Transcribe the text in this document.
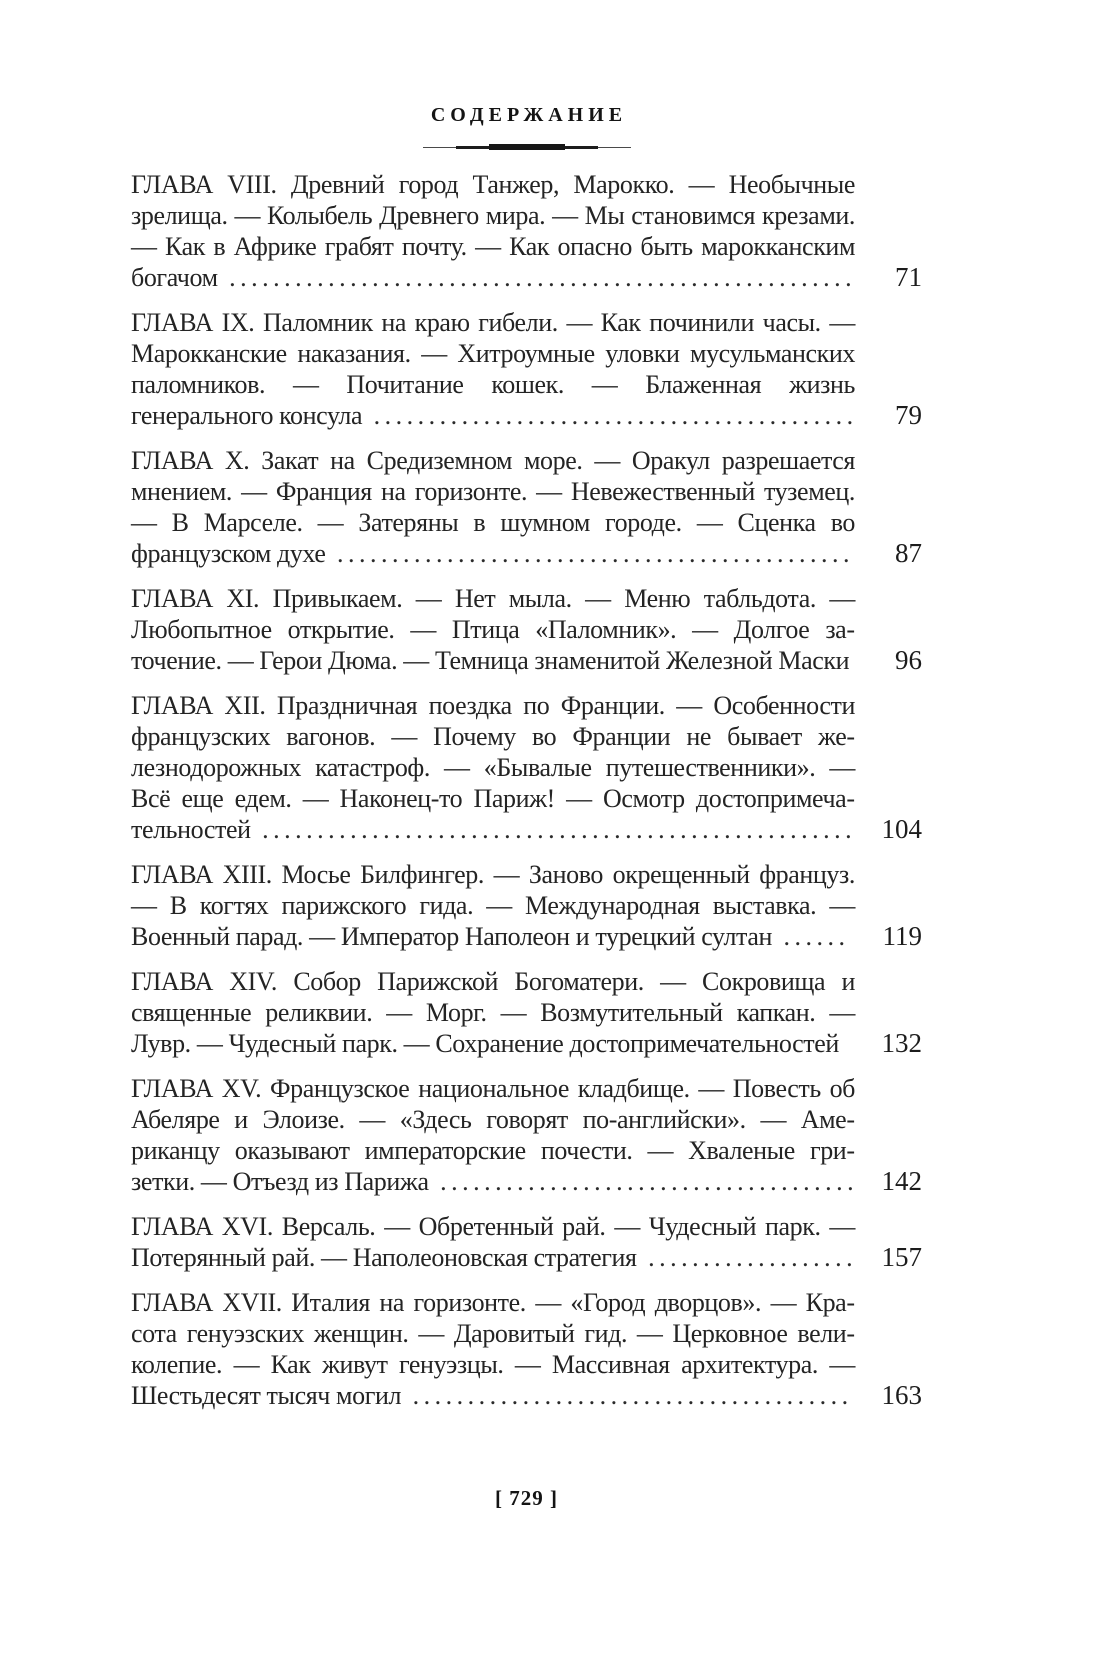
СОДЕРЖАНИЕ

ГЛАВА VIII. Древний город Танжер, Марокко. — Необычные зрелища. — Колыбель Древнего мира. — Мы становимся крезами. — Как в Африке грабят почту. — Как опасно быть марокканским богачом . . . . . . . . . . . . . . . . . . . . . . . . . . . . . . . . . . . . . . . . . . . . . . . . . . . . . . . . . 71

ГЛАВА IX. Паломник на краю гибели. — Как починили часы. — Марокканские наказания. — Хитроумные уловки мусульманских паломников. — Почитание кошек. — Блаженная жизнь генерального консула . . . . . . . . . . . . . . . . . . . . . . . . . . . . . . . . . . . . . . . . . . . . 79

ГЛАВА X. Закат на Средиземном море. — Оракул разрешается мнением. — Франция на горизонте. — Невежественный туземец. — В Марселе. — Затеряны в шумном городе. — Сценка во французском духе . . . . . . . . . . . . . . . . . . . . . . . . . . . . . . . . . . . . . . . . . . . . . . . 87

ГЛАВА XI. Привыкаем. — Нет мыла. — Меню табльдота. — Любопытное открытие. — Птица «Паломник». — Долгое заточение. — Герои Дюма. — Темница знаменитой Железной Маски 96

ГЛАВА XII. Праздничная поездка по Франции. — Особенности французских вагонов. — Почему во Франции не бывает железнодорожных катастроф. — «Бывалые путешественники». — Всё еще едем. — Наконец-то Париж! — Осмотр достопримечательностей . . . . . . . . . . . . . . . . . . . . . . . . . . . . . . . . . . . . . . . . . . . . . . . . . . . . . . 104

ГЛАВА XIII. Мосье Билфингер. — Заново окрещенный француз. — В когтях парижского гида. — Международная выставка. — Военный парад. — Император Наполеон и турецкий султан . . . . . . 119

ГЛАВА XIV. Собор Парижской Богоматери. — Сокровища и священные реликвии. — Морг. — Возмутительный капкан. — Лувр. — Чудесный парк. — Сохранение достопримечательностей 132

ГЛАВА XV. Французское национальное кладбище. — Повесть об Абеляре и Элоизе. — «Здесь говорят по-английски». — Американцу оказывают императорские почести. — Хваленые гризетки. — Отъезд из Парижа . . . . . . . . . . . . . . . . . . . . . . . . . . . . . . . . . . . . . . 142

ГЛАВА XVI. Версаль. — Обретенный рай. — Чудесный парк. — Потерянный рай. — Наполеоновская стратегия . . . . . . . . . . . . . . . . . . . 157

ГЛАВА XVII. Италия на горизонте. — «Город дворцов». — Красота генуэзских женщин. — Даровитый гид. — Церковное великолепие. — Как живут генуэзцы. — Массивная архитектура. — Шестьдесят тысяч могил . . . . . . . . . . . . . . . . . . . . . . . . . . . . . . . . . . . . . . . . 163

[ 729 ]
